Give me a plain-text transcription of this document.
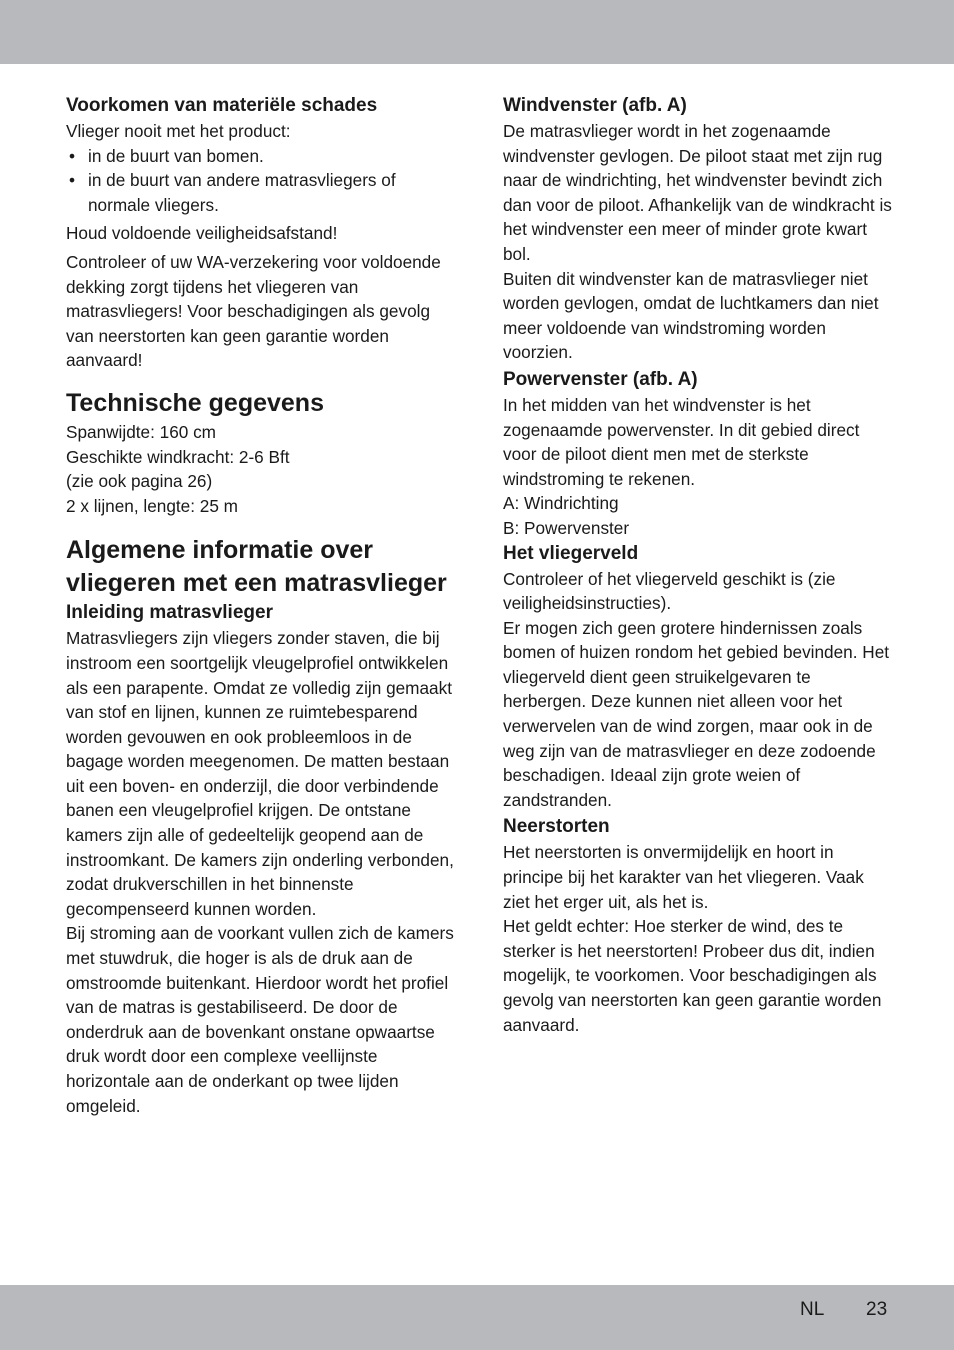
Voorkomen van materiële schades

Vlieger nooit met het product:

• in de buurt van bomen.
• in de buurt van andere matrasvliegers of normale vliegers.

Houd voldoende veiligheidsafstand!

Controleer of uw WA-verzekering voor voldoende dekking zorgt tijdens het vliegeren van matrasvliegers! Voor beschadigingen als gevolg van neerstorten kan geen garantie worden aanvaard!

Technische gegevens

Spanwijdte: 160 cm

Geschikte windkracht: 2-6 Bft

(zie ook pagina 26)

2 x lijnen, lengte: 25 m

Algemene informatie over vliegeren met een matrasvlieger

Inleiding matrasvlieger

Matrasvliegers zijn vliegers zonder staven, die bij instroom een soortgelijk vleugelprofiel ontwikkelen als een parapente. Omdat ze volledig zijn gemaakt van stof en lijnen, kunnen ze ruimtebesparend worden gevouwen en ook probleemloos in de bagage worden meegenomen. De matten bestaan uit een boven- en onderzijl, die door verbindende banen een vleugelprofiel krijgen. De ontstane kamers zijn alle of gedeeltelijk geopend aan de instroomkant. De kamers zijn onderling verbonden, zodat drukverschillen in het binnenste gecompenseerd kunnen worden.

Bij stroming aan de voorkant vullen zich de kamers met stuwdruk, die hoger is als de druk aan de omstroomde buitenkant. Hierdoor wordt het profiel van de matras is gestabiliseerd. De door de onderdruk aan de bovenkant onstane opwaartse druk wordt door een complexe veellijnste horizontale aan de onderkant op twee lijden omgeleid.

Windvenster (afb. A)

De matrasvlieger wordt in het zogenaamde windvenster gevlogen. De piloot staat met zijn rug naar de windrichting, het windvenster bevindt zich dan voor de piloot. Afhankelijk van de windkracht is het windvenster een meer of minder grote kwart bol.

Buiten dit windvenster kan de matrasvlieger niet worden gevlogen, omdat de luchtkamers dan niet meer voldoende van windstroming worden voorzien.

Powervenster (afb. A)

In het midden van het windvenster is het zogenaamde powervenster. In dit gebied direct voor de piloot dient men met de sterkste windstroming te rekenen.

A: Windrichting

B: Powervenster

Het vliegerveld

Controleer of het vliegerveld geschikt is (zie veiligheidsinstructies).

Er mogen zich geen grotere hindernissen zoals bomen of huizen rondom het gebied bevinden. Het vliegerveld dient geen struikelgevaren te herbergen. Deze kunnen niet alleen voor het verwervelen van de wind zorgen, maar ook in de weg zijn van de matrasvlieger en deze zodoende beschadigen. Ideaal zijn grote weien of zandstranden.

Neerstorten

Het neerstorten is onvermijdelijk en hoort in principe bij het karakter van het vliegeren. Vaak ziet het erger uit, als het is.

Het geldt echter: Hoe sterker de wind, des te sterker is het neerstorten! Probeer dus dit, indien mogelijk, te voorkomen. Voor beschadigingen als gevolg van neerstorten kan geen garantie worden aanvaard.

NL 23
